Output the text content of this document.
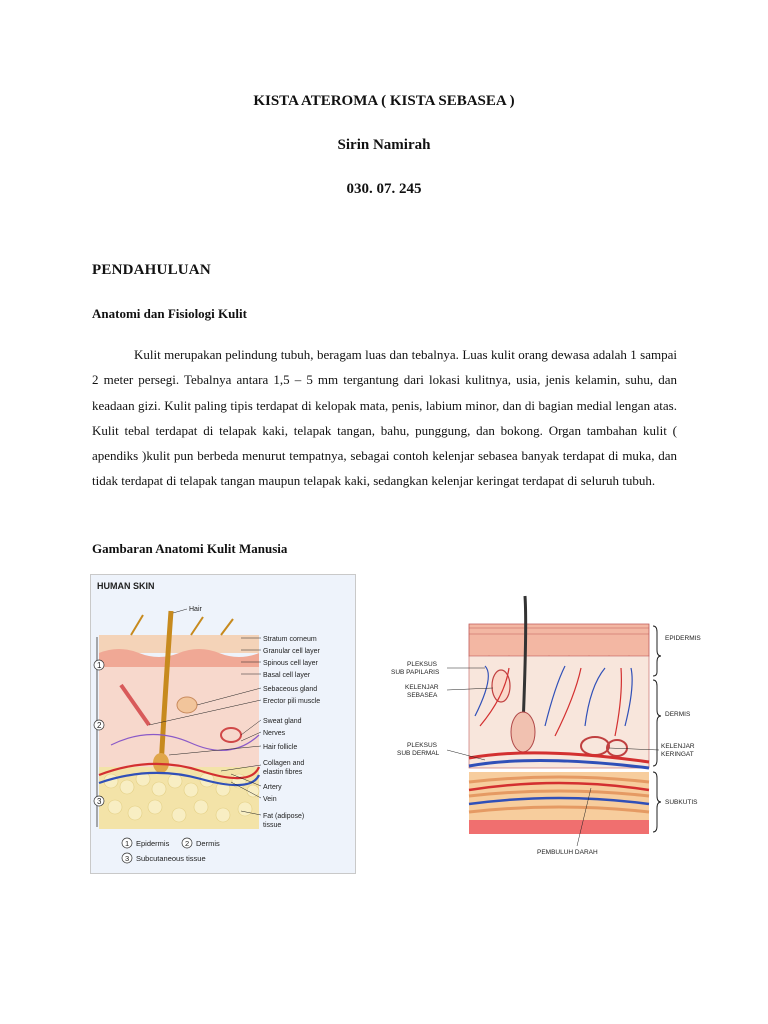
KISTA ATEROMA ( KISTA SEBASEA )
Sirin Namirah
030. 07. 245
PENDAHULUAN
Anatomi dan Fisiologi Kulit

Kulit merupakan pelindung tubuh, beragam luas dan tebalnya. Luas kulit orang dewasa adalah 1 sampai 2 meter persegi. Tebalnya antara 1,5 – 5 mm tergantung dari lokasi kulitnya, usia, jenis kelamin, suhu, dan keadaan gizi. Kulit paling tipis terdapat di kelopak mata, penis, labium minor, dan di bagian medial lengan atas. Kulit tebal terdapat di telapak kaki, telapak tangan, bahu, punggung, dan bokong. Organ tambahan kulit ( apendiks )kulit pun berbeda menurut tempatnya, sebagai contoh kelenjar sebasea banyak terdapat di muka, dan tidak terdapat di telapak tangan maupun telapak kaki, sedangkan kelenjar keringat terdapat di seluruh tubuh.

Gambaran Anatomi Kulit Manusia
HUMAN SKIN
1
2
3
Hair
Stratum corneum
Granular cell layer
Spinous cell layer
Basal cell layer
Sebaceous gland
Erector pili muscle
Sweat gland
Nerves
Hair follicle
Collagen and
elastin fibres
Artery
Vein
Fat (adipose)
tissue
1 Epidermis 2 Dermis
3 Subcutaneous tissue
EPIDERMIS
DERMIS
KELENJAR
KERINGAT
SUBKUTIS
PLEKSUS
SUB PAPILARIS
KELENJAR
SEBASEA
PLEKSUS
SUB DERMAL
PEMBULUH DARAH
